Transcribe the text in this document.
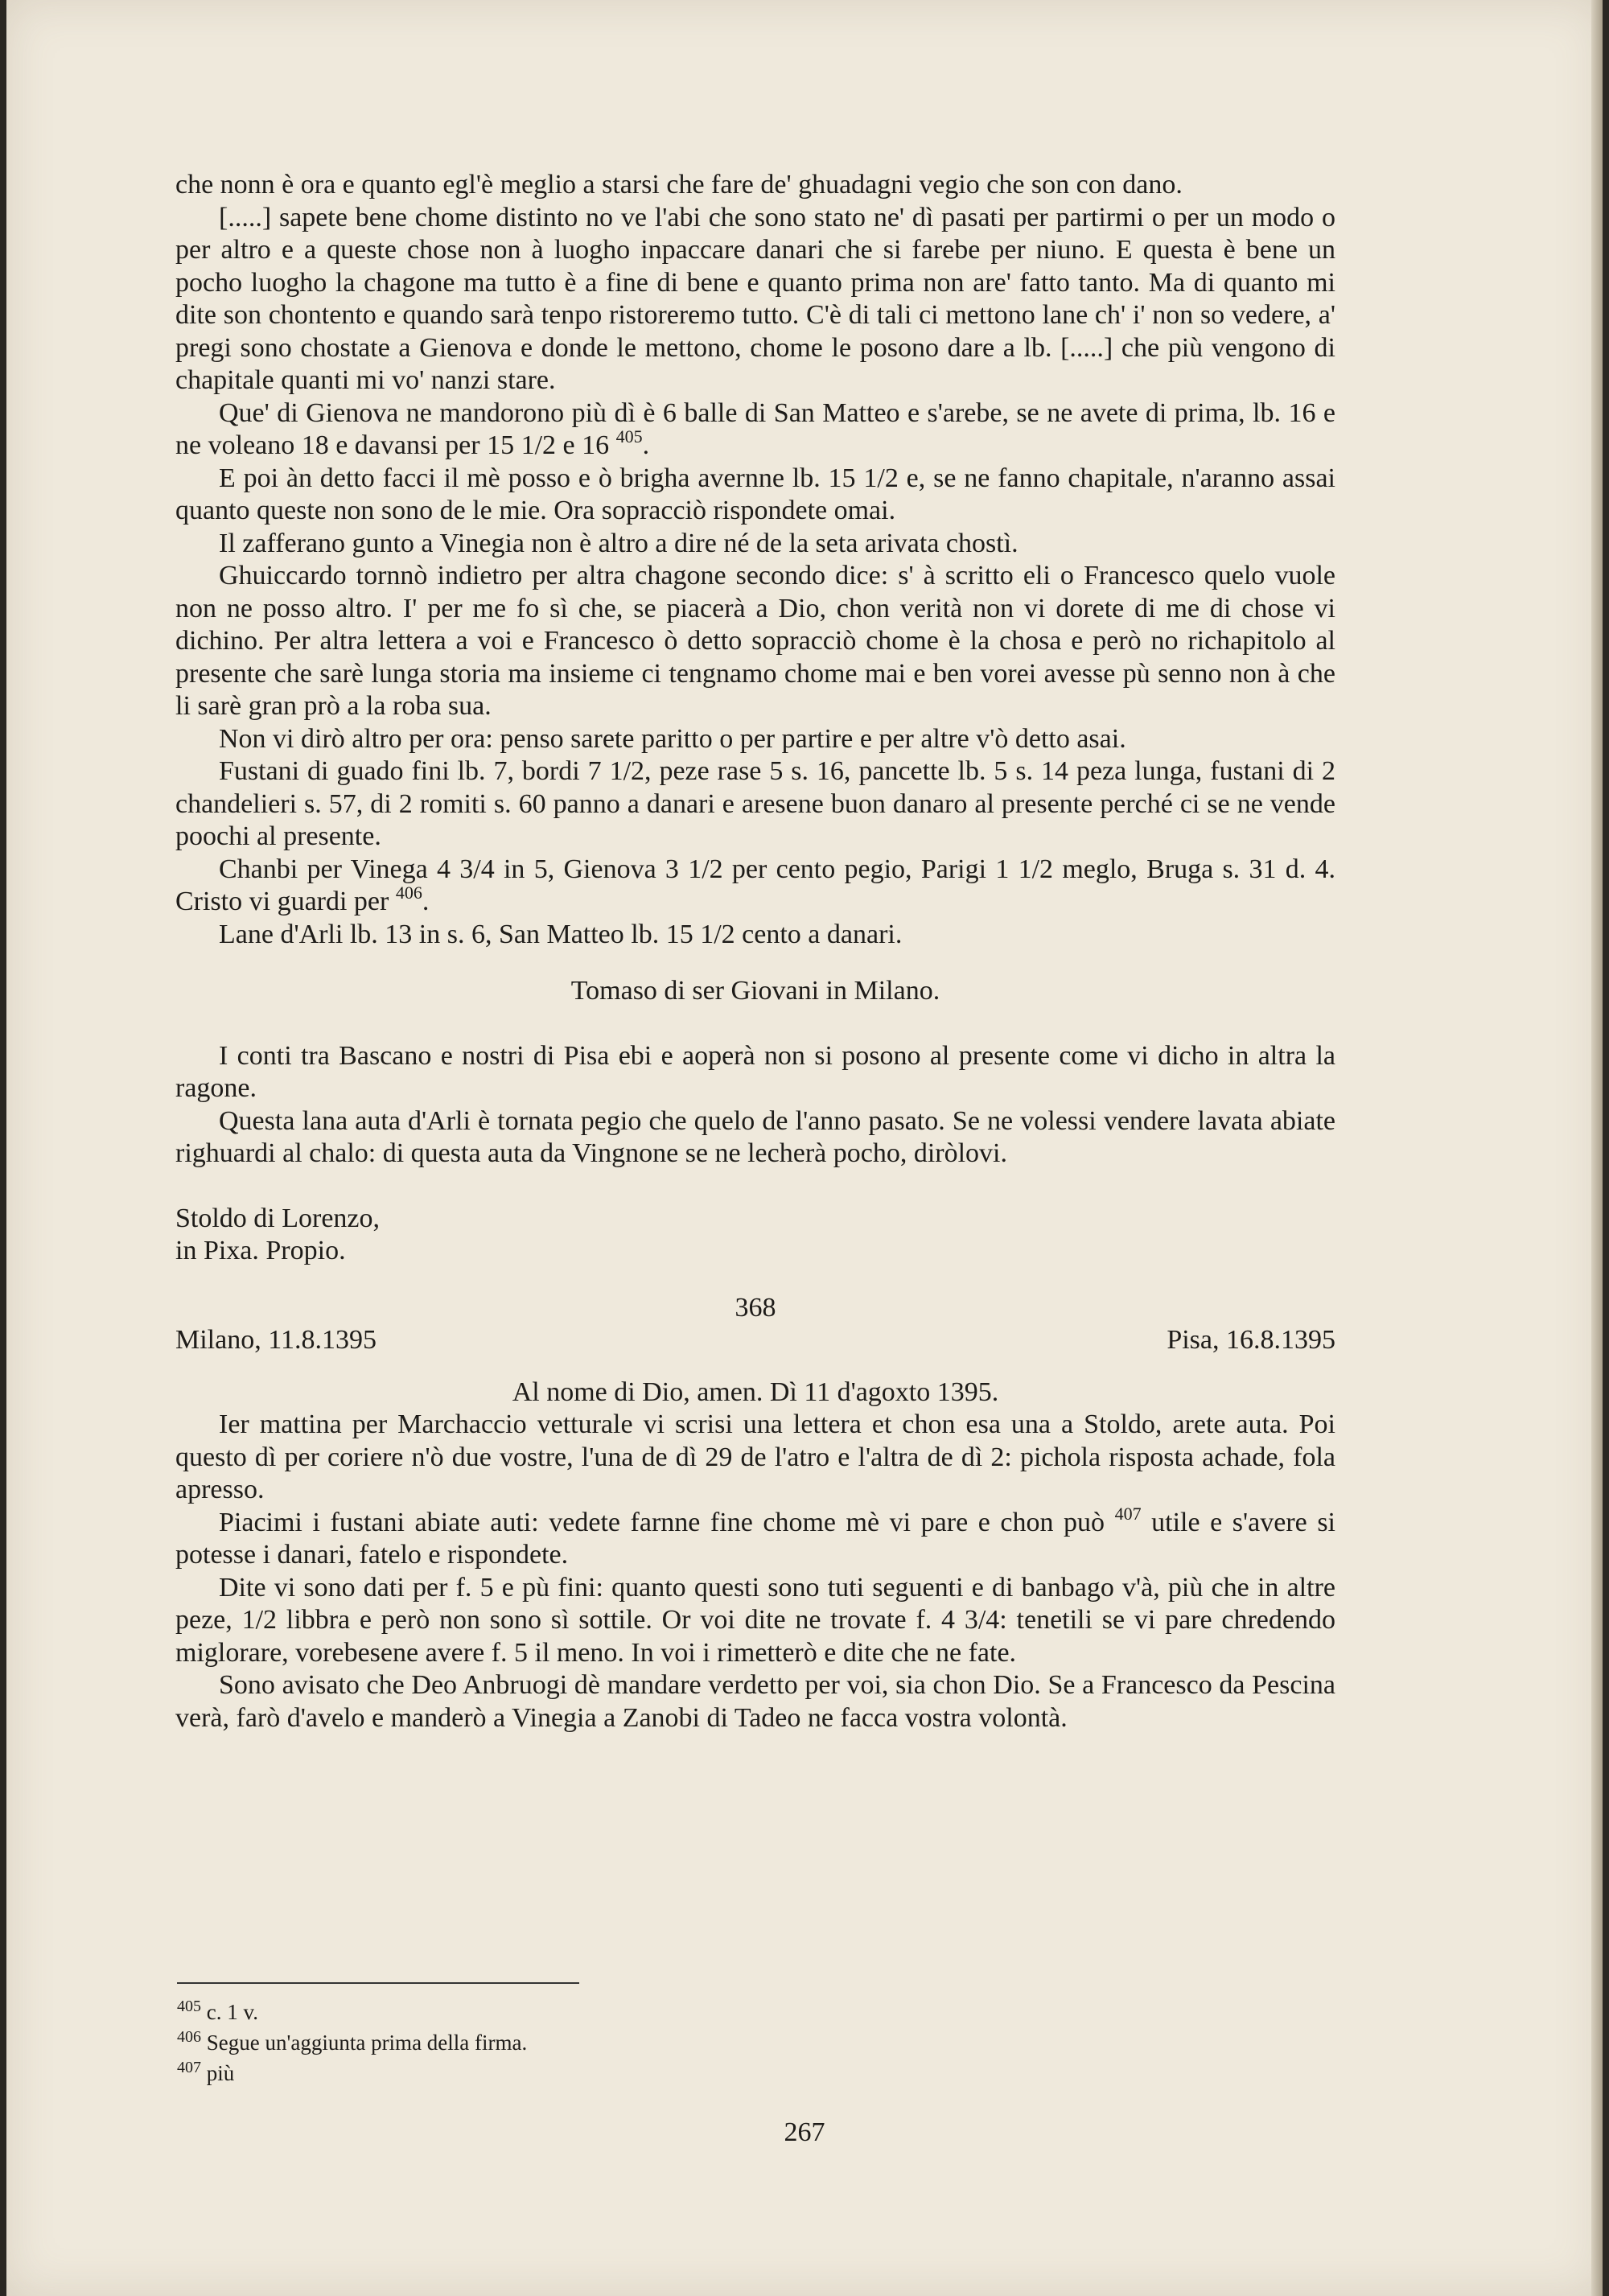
che nonn è ora e quanto egl'è meglio a starsi che fare de' ghuadagni vegio che son con dano.

[.....] sapete bene chome distinto no ve l'abi che sono stato ne' dì pasati per partirmi o per un modo o per altro e a queste chose non à luogho inpaccare danari che si farebe per niuno. E questa è bene un pocho luogho la chagone ma tutto è a fine di bene e quanto prima non are' fatto tanto. Ma di quanto mi dite son chontento e quando sarà tenpo ristoreremo tutto. C'è di tali ci mettono lane ch' i' non so vedere, a' pregi sono chostate a Gienova e donde le mettono, chome le posono dare a lb. [.....] che più vengono di chapitale quanti mi vo' nanzi stare.

Que' di Gienova ne mandorono più dì è 6 balle di San Matteo e s'arebe, se ne avete di prima, lb. 16 e ne voleano 18 e davansi per 15 1/2 e 16 $^{405}$.

E poi àn detto facci il mè posso e ò brigha avernne lb. 15 1/2 e, se ne fanno chapitale, n'aranno assai quanto queste non sono de le mie. Ora sopracciò rispondete omai.

Il zafferano gunto a Vinegia non è altro a dire né de la seta arivata chostì.

Ghuiccardo tornnò indietro per altra chagone secondo dice: s' à scritto eli o Francesco quelo vuole non ne posso altro. I' per me fo sì che, se piacerà a Dio, chon verità non vi dorete di me di chose vi dichino. Per altra lettera a voi e Francesco ò detto sopracciò chome è la chosa e però no richapitolo al presente che sarè lunga storia ma insieme ci tengnamo chome mai e ben vorei avesse pù senno non à che li sarè gran prò a la roba sua.

Non vi dirò altro per ora: penso sarete paritto o per partire e per altre v'ò detto asai.

Fustani di guado fini lb. 7, bordi 7 1/2, peze rase 5 s. 16, pancette lb. 5 s. 14 peza lunga, fustani di 2 chandelieri s. 57, di 2 romiti s. 60 panno a danari e aresene buon danaro al presente perché ci se ne vende poochi al presente.

Chanbi per Vinega 4 3/4 in 5, Gienova 3 1/2 per cento pegio, Parigi 1 1/2 meglo, Bruga s. 31 d. 4. Cristo vi guardi per $^{406}$.

Lane d'Arli lb. 13 in s. 6, San Matteo lb. 15 1/2 cento a danari.

Tomaso di ser Giovani in Milano.

I conti tra Bascano e nostri di Pisa ebi e aoperà non si posono al presente come vi dicho in altra la ragone.

Questa lana auta d'Arli è tornata pegio che quelo de l'anno pasato. Se ne volessi vendere lavata abiate righuardi al chalo: di questa auta da Vingnone se ne lecherà pocho, diròlovi.

Stoldo di Lorenzo,

in Pixa. Propio.

368

Milano, 11.8.1395	Pisa, 16.8.1395

Al nome di Dio, amen. Dì 11 d'agoxto 1395.

Ier mattina per Marchaccio vetturale vi scrisi una lettera et chon esa una a Stoldo, arete auta. Poi questo dì per coriere n'ò due vostre, l'una de dì 29 de l'atro e l'altra de dì 2: pichola risposta achade, fola apresso.

Piacimi i fustani abiate auti: vedete farnne fine chome mè vi pare e chon può $^{407}$ utile e s'avere si potesse i danari, fatelo e rispondete.

Dite vi sono dati per f. 5 e pù fini: quanto questi sono tuti seguenti e di banbago v'à, più che in altre peze, 1/2 libbra e però non sono sì sottile. Or voi dite ne trovate f. 4 3/4: tenetili se vi pare chredendo miglorare, vorebesene avere f. 5 il meno. In voi i rimetterò e dite che ne fate.

Sono avisato che Deo Anbruogi dè mandare verdetto per voi, sia chon Dio. Se a Francesco da Pescina verà, farò d'avelo e manderò a Vinegia a Zanobi di Tadeo ne facca vostra volontà.

$^{405}$ c. 1 v.

$^{406}$ Segue un'aggiunta prima della firma.

$^{407}$ più

267
